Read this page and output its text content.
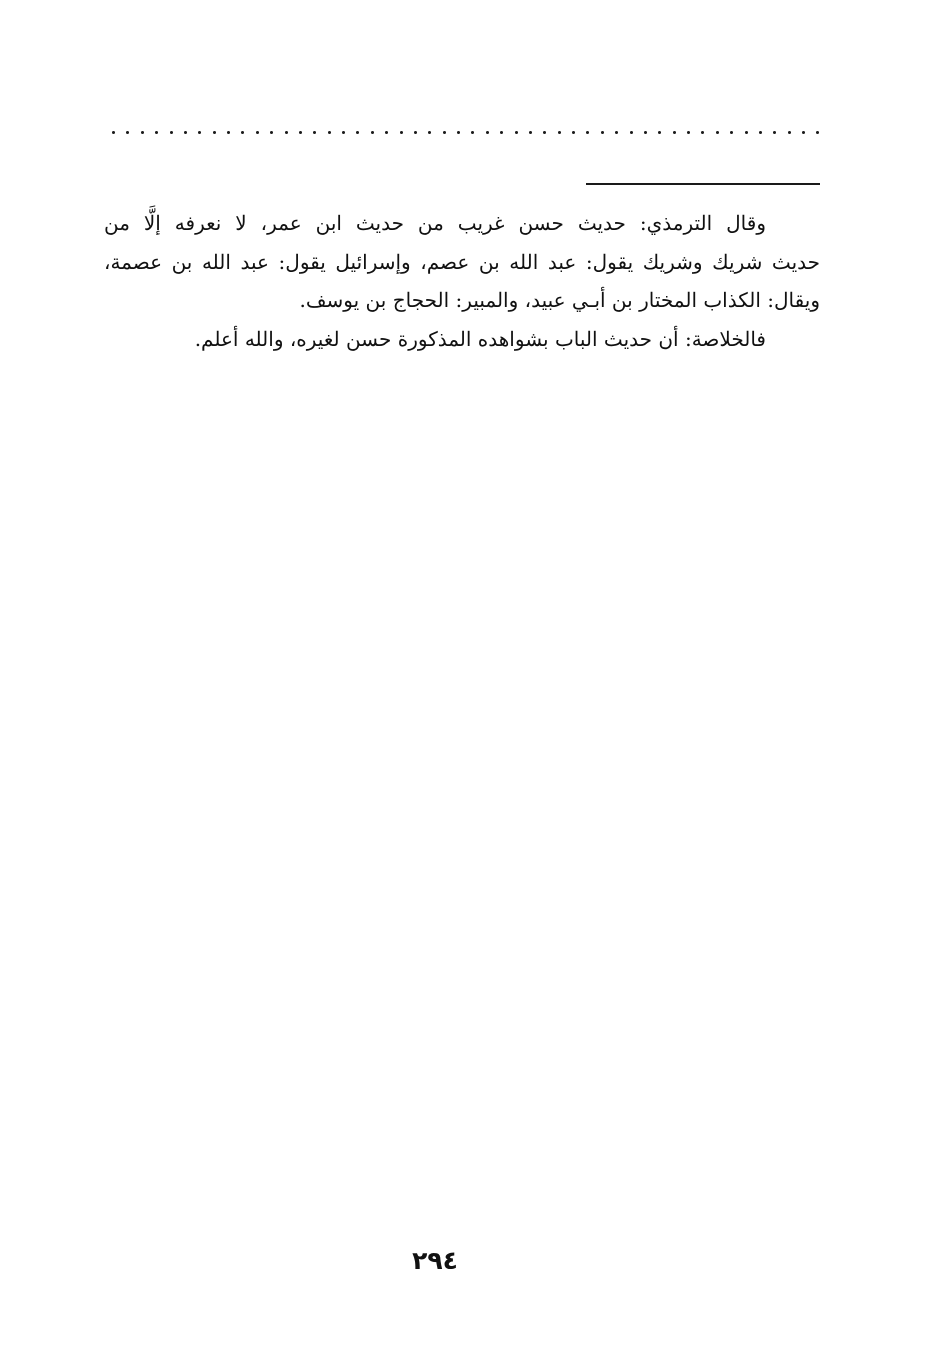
وقال الترمذي: حديث حسن غريب من حديث ابن عمر، لا نعرفه إلَّا من
حديث شريك وشريك يقول: عبد الله بن عصم، وإسرائيل يقول: عبد الله بن عصمة،
ويقال: الكذاب المختار بن أبـي عبيد، والمبير: الحجاج بن يوسف.
فالخلاصة: أن حديث الباب بشواهده المذكورة حسن لغيره، والله أعلم.
٢٩٤
